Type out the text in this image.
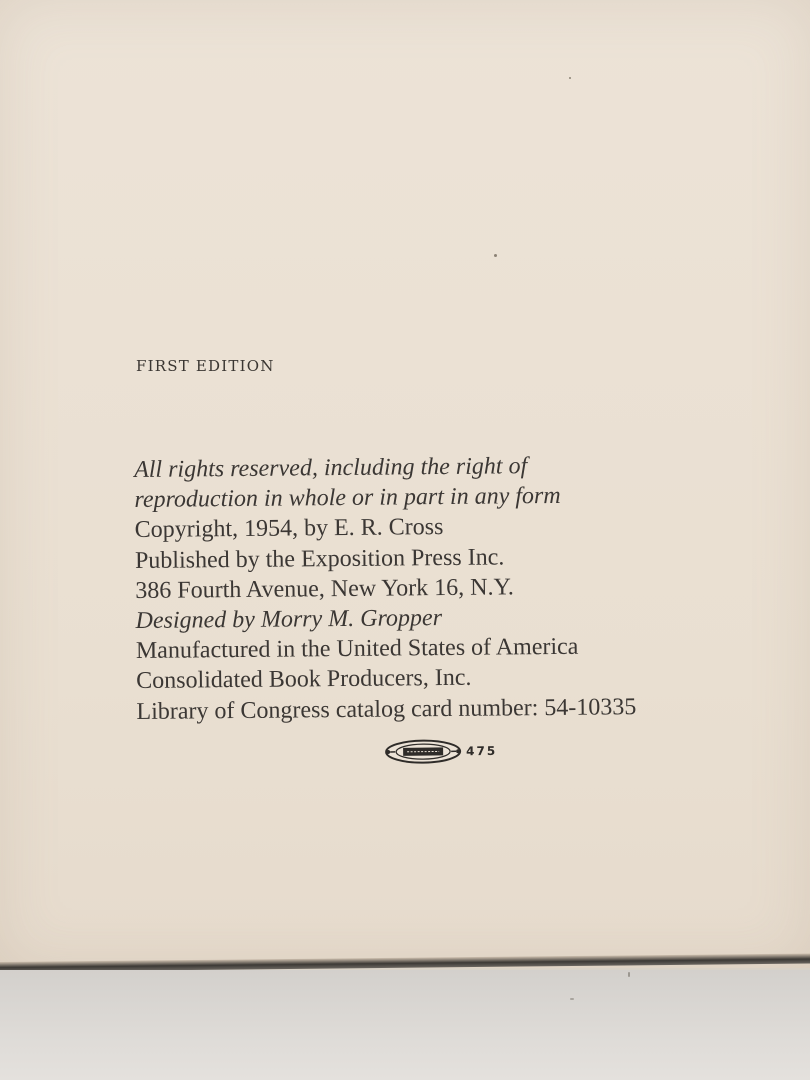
FIRST EDITION
All rights reserved, including the right of
reproduction in whole or in part in any form
Copyright, 1954, by E. R. Cross
Published by the Exposition Press Inc.
386 Fourth Avenue, New York 16, N.Y.
Designed by Morry M. Gropper
Manufactured in the United States of America
Consolidated Book Producers, Inc.
Library of Congress catalog card number: 54-10335
475
